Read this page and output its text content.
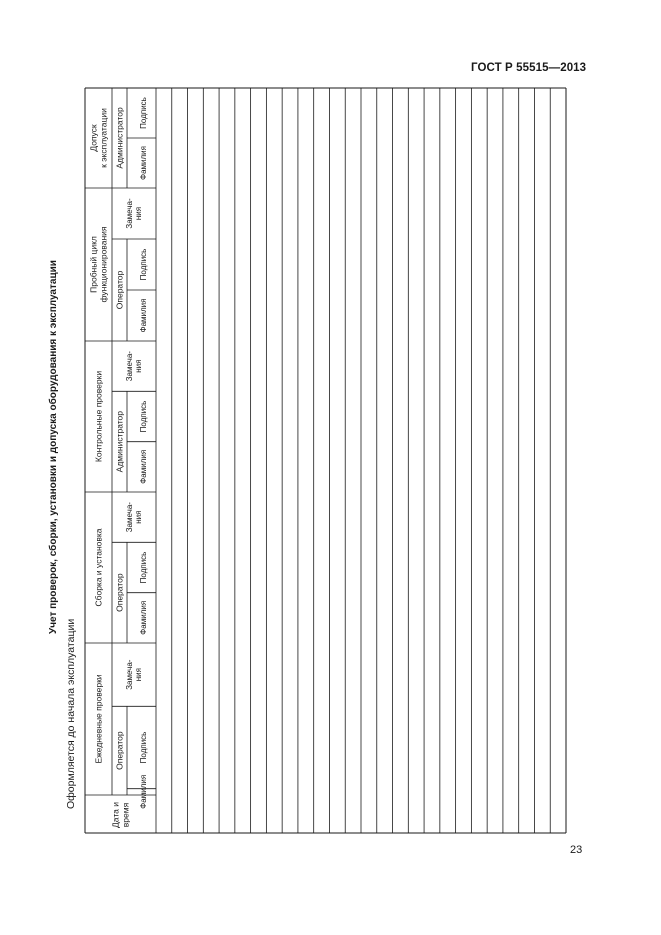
ГОСТ Р 55515—2013
Учет проверок, сборки, установки и допуска оборудования к эксплуатации
Оформляется до начала эксплуатации
Дата и время
Ежедневные проверки Оператор
Фамилия
Подпись
Замеча- ния
Сборка и установка Оператор
Фамилия
Подпись
Замеча- ния
Контрольные проверки Администратор Фамилия
Подпись
Замеча- ния
Пробный цикл функционирования Оператор
Фамилия
Подпись
Замеча- ния
Допуск к эксплуатации Администратор Фамилия
Подпись
23
